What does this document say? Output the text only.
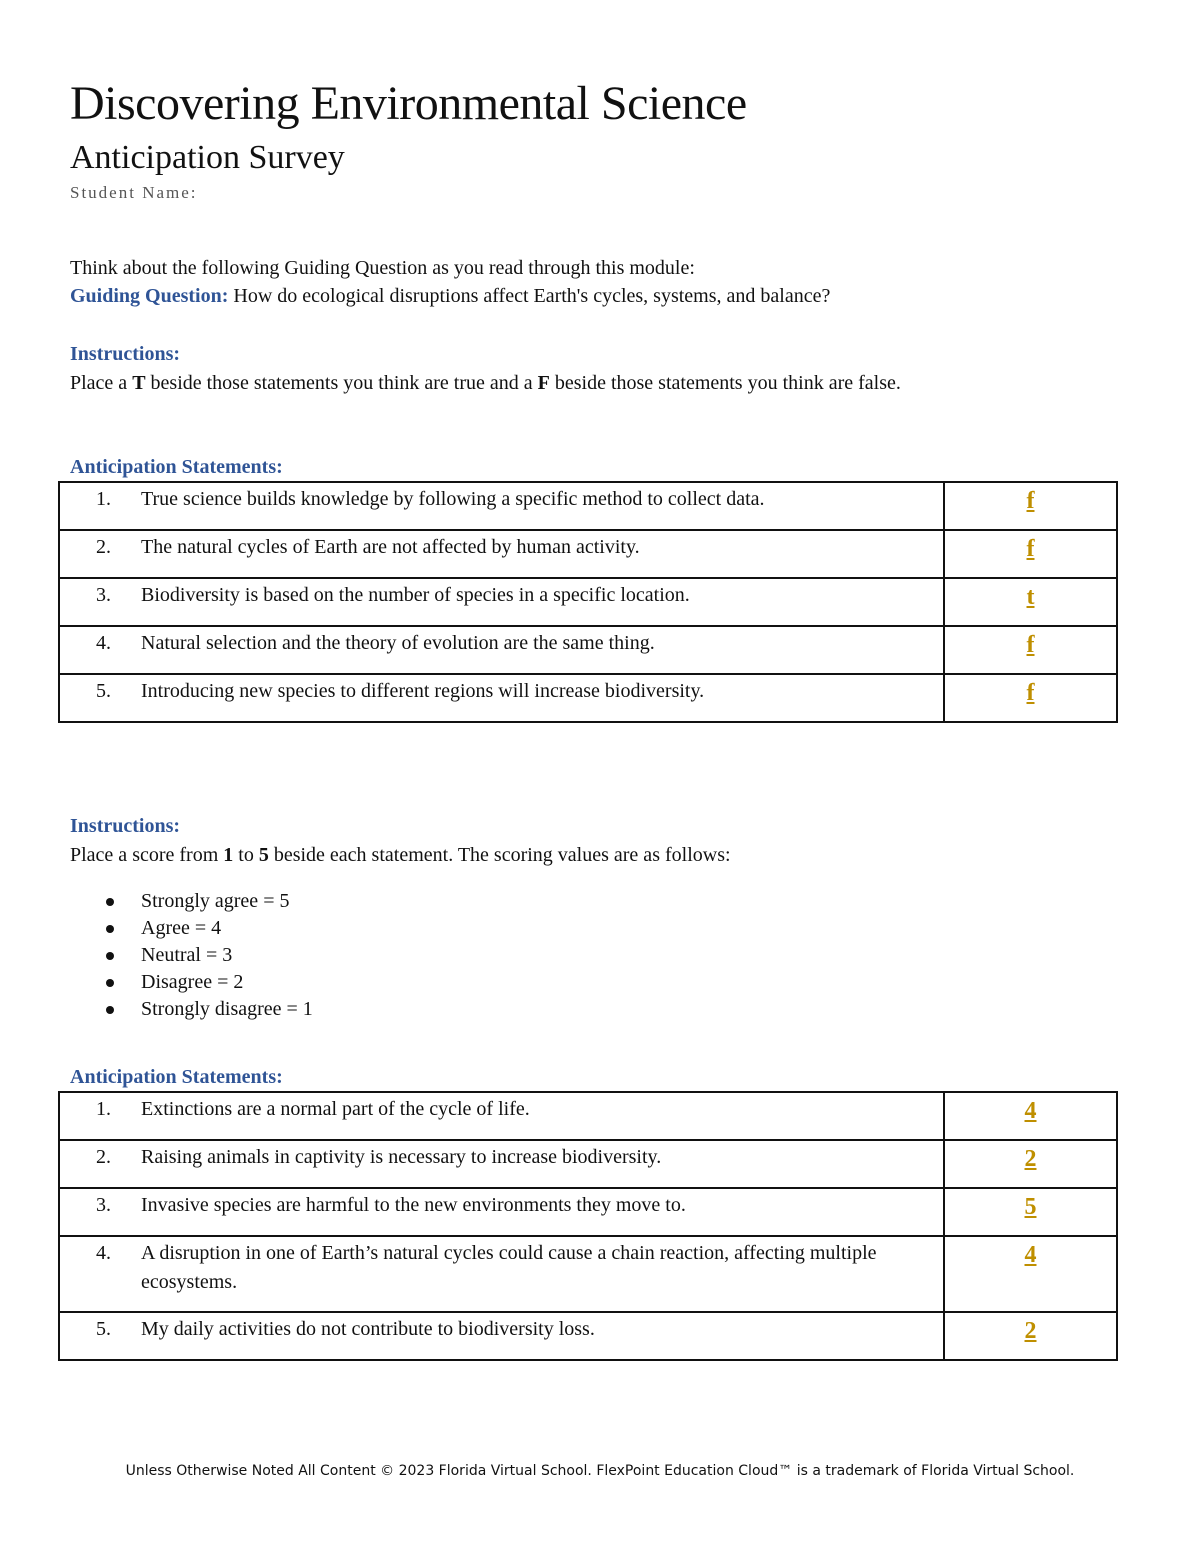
Discovering Environmental Science
Anticipation Survey
Student Name:
Think about the following Guiding Question as you read through this module:
Guiding Question: How do ecological disruptions affect Earth's cycles, systems, and balance?
Instructions:
Place a T beside those statements you think are true and a F beside those statements you think are false.
Anticipation Statements:
1. True science builds knowledge by following a specific method to collect data.	f

2. The natural cycles of Earth are not affected by human activity.	f

3. Biodiversity is based on the number of species in a specific location.	t

4. Natural selection and the theory of evolution are the same thing.	f

5. Introducing new species to different regions will increase biodiversity.	f
Instructions:
Place a score from 1 to 5 beside each statement. The scoring values are as follows:
Strongly agree = 5
Agree = 4
Neutral = 3
Disagree = 2
Strongly disagree = 1
Anticipation Statements:
1. Extinctions are a normal part of the cycle of life.	4

2. Raising animals in captivity is necessary to increase biodiversity.	2

3. Invasive species are harmful to the new environments they move to.	5

4. A disruption in one of Earth’s natural cycles could cause a chain reaction, affecting multiple ecosystems.	4

5. My daily activities do not contribute to biodiversity loss.	2
Unless Otherwise Noted All Content © 2023 Florida Virtual School. FlexPoint Education Cloud™ is a trademark of Florida Virtual School.
